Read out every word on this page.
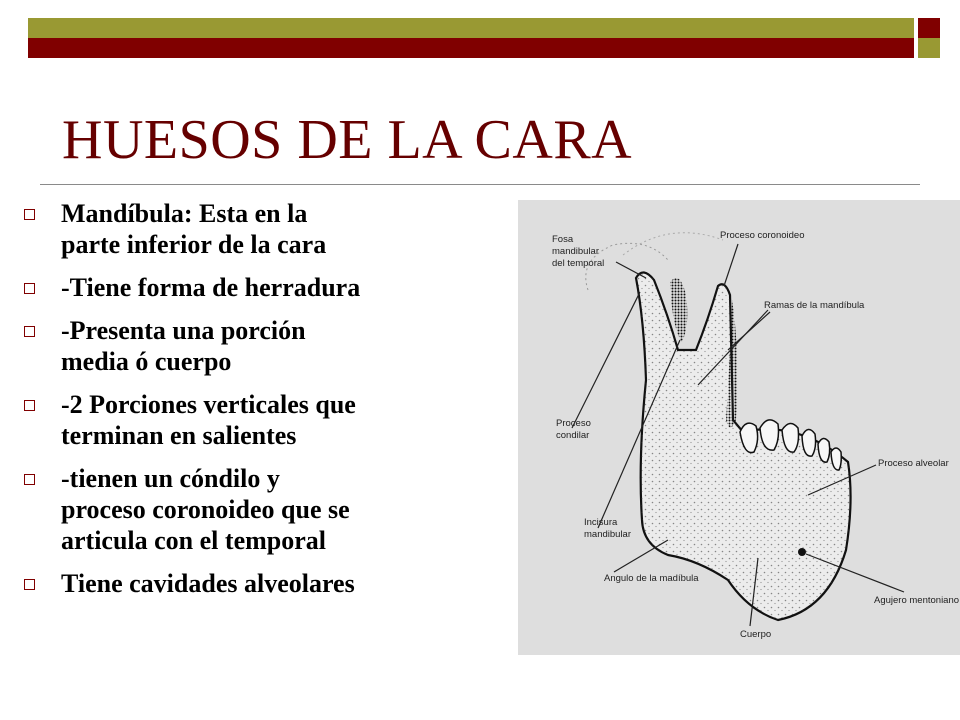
HUESOS DE LA CARA
Mandíbula: Esta en la
parte inferior de la cara
-Tiene forma de herradura
-Presenta una porción
media ó cuerpo
-2 Porciones verticales que
terminan en salientes
-tienen un cóndilo y
proceso coronoideo que se
articula con el temporal
Tiene cavidades alveolares
Fosa
mandibular
del temporal
Proceso coronoideo
Ramas de la mandíbula
Proceso
condilar
Incisura
mandibular
Proceso alveolar
Angulo de la madíbula
Agujero mentoniano
Cuerpo
